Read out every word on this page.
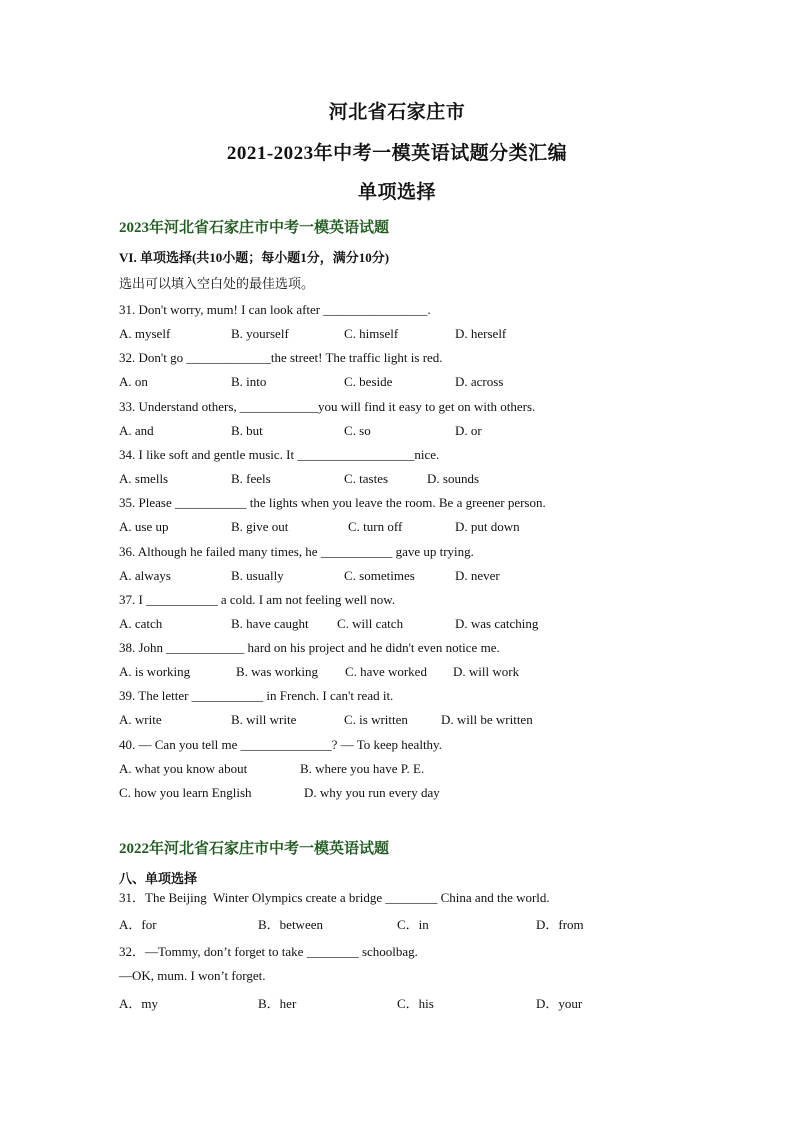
河北省石家庄市
2021-2023年中考一模英语试题分类汇编
单项选择
2023年河北省石家庄市中考一模英语试题
VI. 单项选择(共10小题；每小题1分，满分10分)
选出可以填入空白处的最佳选项。
31. Don't worry, mum! I can look after ________________.
A. myself	B. yourself	C. himself	D. herself
32. Don't go _____________the street! The traffic light is red.
A. on	B. into	C. beside	D. across
33. Understand others, ____________you will find it easy to get on with others.
A. and	B. but	C. so	D. or
34. I like soft and gentle music. It __________________nice.
A. smells	B. feels	C. tastes	D. sounds
35. Please ___________ the lights when you leave the room. Be a greener person.
A. use up	B. give out	C. turn off	D. put down
36. Although he failed many times, he ___________ gave up trying.
A. always	B. usually	C. sometimes	D. never
37. I ___________ a cold. I am not feeling well now.
A. catch	B. have caught C. will catch	D. was catching
38. John ____________ hard on his project and he didn't even notice me.
A. is working	B. was working C. have worked D. will work
39. The letter ___________ in French. I can't read it.
A. write	B. will write	C. is written	D. will be written
40. — Can you tell me ______________? — To keep healthy.
A. what you know about	B. where you have P. E.
C. how you learn English	D. why you run every day
2022年河北省石家庄市中考一模英语试题
八、单项选择
31．The Beijing  Winter Olympics create a bridge ________ China and the world.
A．for	B．between	C．in	D．from
32．—Tommy, don’t forget to take ________ schoolbag.
—OK, mum. I won’t forget.
A．my	B．her	C．his	D．your
